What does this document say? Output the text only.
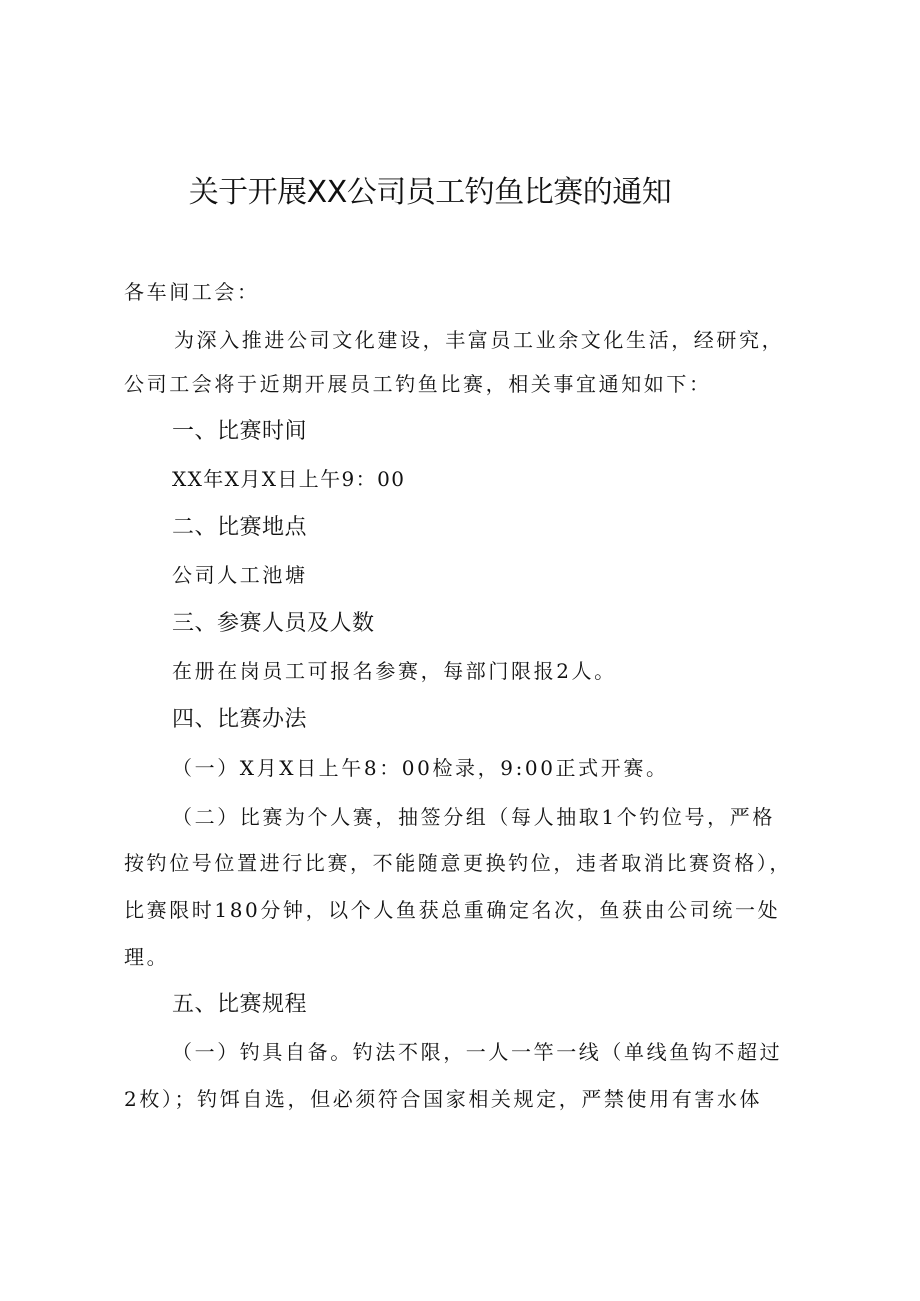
关于开展XX公司员工钓鱼比赛的通知

各车间工会：

为深入推进公司文化建设，丰富员工业余文化生活，经研究，

公司工会将于近期开展员工钓鱼比赛，相关事宜通知如下：

一、比赛时间

XX年X月X日上午9：00

二、比赛地点

公司人工池塘

三、参赛人员及人数

在册在岗员工可报名参赛，每部门限报2人。

四、比赛办法

（一）X月X日上午8：00检录，9:00正式开赛。

（二）比赛为个人赛，抽签分组（每人抽取1个钓位号，严格

按钓位号位置进行比赛，不能随意更换钓位，违者取消比赛资格），

比赛限时180分钟，以个人鱼获总重确定名次，鱼获由公司统一处

理。

五、比赛规程

（一）钓具自备。钓法不限，一人一竿一线（单线鱼钩不超过

2枚）；钓饵自选，但必须符合国家相关规定，严禁使用有害水体
